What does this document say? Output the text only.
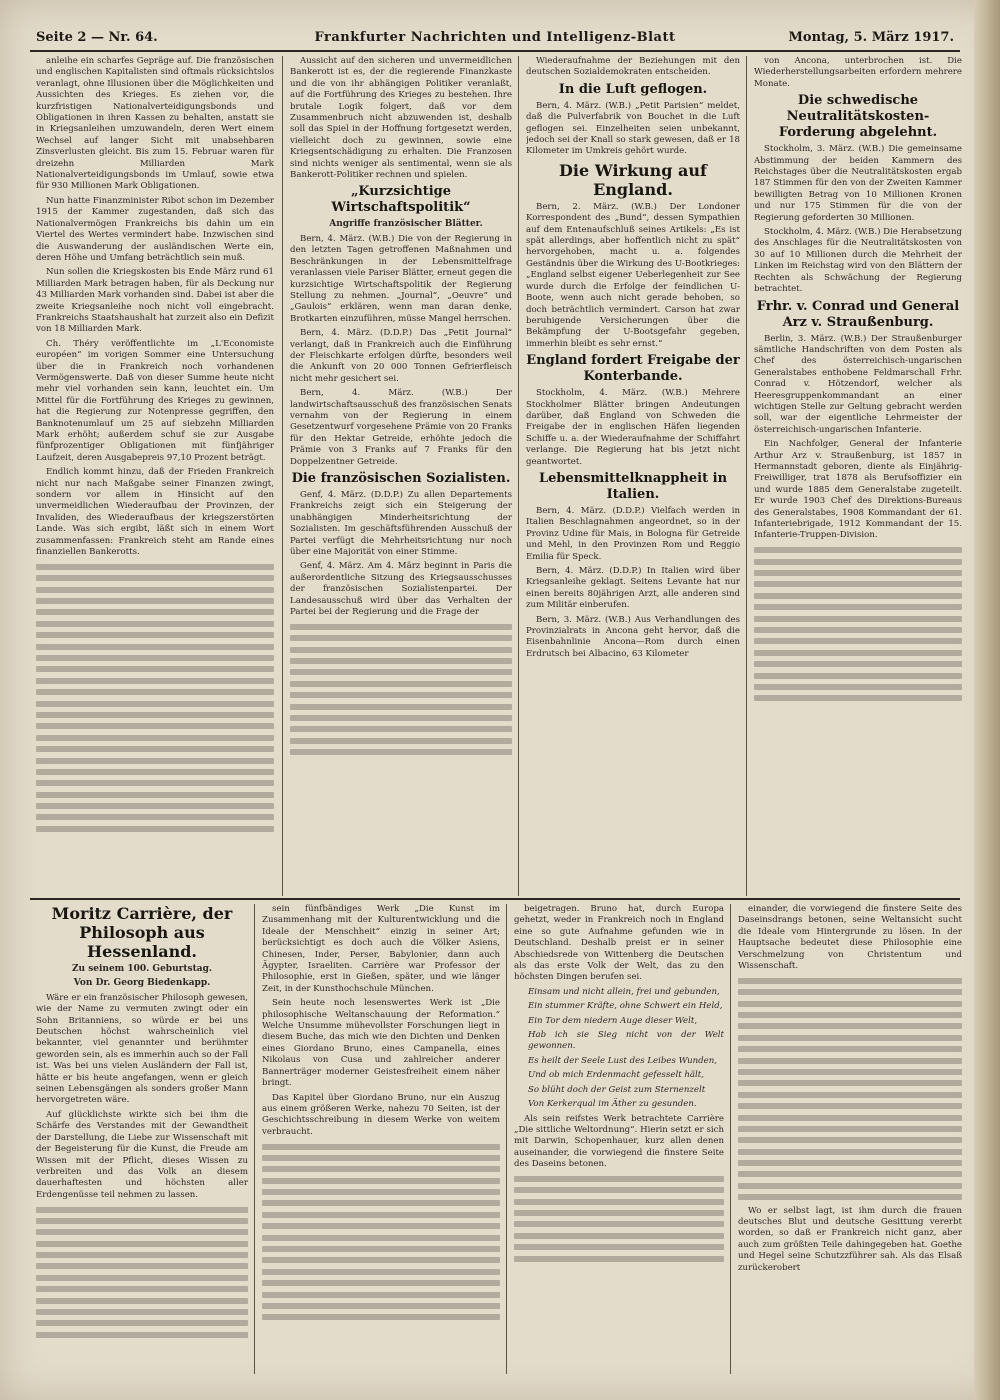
Seite 2 — Nr. 64.	Frankfurter Nachrichten und Intelligenz-Blatt	Montag, 5. März 1917.

anleihe ein scharfes Gepräge auf. Die französischen und englischen Kapitalisten sind oftmals rücksichtslos veranlagt, ohne Illusionen über die Möglichkeiten und Aussichten des Krieges. Es ziehen vor, die kurzfristigen Nationalverteidigungsbonds und Obligationen in ihren Kassen zu behalten, anstatt sie in Kriegsanleihen umzuwandeln, deren Wert einem Wechsel auf langer Sicht mit unabsehbaren Zinsverlusten gleicht. Bis zum 15. Februar waren für dreizehn Milliarden Mark Nationalverteidigungsbonds im Umlauf, sowie etwa für 930 Millionen Mark Obligationen.

Nun hatte Finanzminister Ribot schon im Dezember 1915 der Kammer zugestanden, daß sich das Nationalvermögen Frankreichs bis dahin um ein Viertel des Wertes vermindert habe. Inzwischen sind die Auswanderung der ausländischen Werte ein, deren Höhe und Umfang beträchtlich sein muß.

Nun sollen die Kriegskosten bis Ende März rund 61 Milliarden Mark betragen haben, für als Deckung nur 43 Milliarden Mark vorhanden sind. Dabei ist aber die zweite Kriegsanleihe noch nicht voll eingebracht. Frankreichs Staatshaushalt hat zurzeit also ein Defizit von 18 Milliarden Mark.

Ch. Théry veröffentlichte im „L'Economiste européen“ im vorigen Sommer eine Untersuchung über die in Frankreich noch vorhandenen Vermögenswerte. Daß von dieser Summe heute nicht mehr viel vorhanden sein kann, leuchtet ein. Um Mittel für die Fortführung des Krieges zu gewinnen, hat die Regierung zur Notenpresse gegriffen, den Banknotenumlauf um 25 auf siebzehn Milliarden Mark erhöht; außerdem schuf sie zur Ausgabe fünfprozentiger Obligationen mit fünfjähriger Laufzeit, deren Ausgabepreis 97,10 Prozent beträgt.

Endlich kommt hinzu, daß der Frieden Frankreich nicht nur nach Maßgabe seiner Finanzen zwingt, sondern vor allem in Hinsicht auf den unvermeidlichen Wiederaufbau der Provinzen, der Invaliden, des Wiederaufbaus der kriegszerstörten Lande. Was sich ergibt, läßt sich in einem Wort zusammenfassen: Frankreich steht am Rande eines finanziellen Bankerotts.

Aussicht auf den sicheren und unvermeidlichen Bankerott ist es, der die regierende Finanzkaste und die von ihr abhängigen Politiker veranlaßt, auf die Fortführung des Krieges zu bestehen. Ihre brutale Logik folgert, daß vor dem Zusammenbruch nicht abzuwenden ist, deshalb soll das Spiel in der Hoffnung fortgesetzt werden, vielleicht doch zu gewinnen, sowie eine Kriegsentschädigung zu erhalten. Die Franzosen sind nichts weniger als sentimental, wenn sie als Bankerott-Politiker rechnen und spielen.

„Kurzsichtige Wirtschaftspolitik“

Angriffe französischer Blätter.

Bern, 4. März. (W.B.) Die von der Regierung in den letzten Tagen getroffenen Maßnahmen und Beschränkungen in der Lebensmittelfrage veranlassen viele Pariser Blätter, erneut gegen die kurzsichtige Wirtschaftspolitik der Regierung Stellung zu nehmen. „Journal“, „Oeuvre“ und „Gaulois“ erklären, wenn man daran denke, Brotkarten einzuführen, müsse Mangel herrschen.

Bern, 4. März. (D.D.P.) Das „Petit Journal“ verlangt, daß in Frankreich auch die Einführung der Fleischkarte erfolgen dürfte, besonders weil die Ankunft von 20 000 Tonnen Gefrierfleisch nicht mehr gesichert sei.

Bern, 4. März. (W.B.) Der landwirtschaftsausschuß des französischen Senats vernahm von der Regierung in einem Gesetzentwurf vorgesehene Prämie von 20 Franks für den Hektar Getreide, erhöhte jedoch die Prämie von 3 Franks auf 7 Franks für den Doppelzentner Getreide.

Die französischen Sozialisten.

Genf, 4. März. (D.D.P.) Zu allen Departements Frankreichs zeigt sich ein Steigerung der unabhängigen Minderheitsrichtung der Sozialisten. Im geschäftsführenden Ausschuß der Partei verfügt die Mehrheitsrichtung nur noch über eine Majorität von einer Stimme.

Genf, 4. März. Am 4. März beginnt in Paris die außerordentliche Sitzung des Kriegsausschusses der französischen Sozialistenpartei. Der Landesausschuß wird über das Verhalten der Partei bei der Regierung und die Frage der

Wiederaufnahme der Beziehungen mit den deutschen Sozialdemokraten entscheiden.

In die Luft geflogen.

Bern, 4. März. (W.B.) „Petit Parisien“ meldet, daß die Pulverfabrik von Bouchet in die Luft geflogen sei. Einzelheiten seien unbekannt, jedoch sei der Knall so stark gewesen, daß er 18 Kilometer im Umkreis gehört wurde.

Die Wirkung auf England.

Bern, 2. März. (W.B.) Der Londoner Korrespondent des „Bund“, dessen Sympathien auf dem Entenaufschluß seines Artikels: „Es ist spät allerdings, aber hoffentlich nicht zu spät“ hervorgehoben, macht u. a. folgendes Geständnis über die Wirkung des U-Bootkrieges: „England selbst eigener Ueberlegenheit zur See wurde durch die Erfolge der feindlichen U-Boote, wenn auch nicht gerade behoben, so doch beträchtlich vermindert. Carson hat zwar beruhigende Versicherungen über die Bekämpfung der U-Bootsgefahr gegeben, immerhin bleibt es sehr ernst.“

England fordert Freigabe der Konterbande.

Stockholm, 4. März. (W.B.) Mehrere Stockholmer Blätter bringen Andeutungen darüber, daß England von Schweden die Freigabe der in englischen Häfen liegenden Schiffe u. a. der Wiederaufnahme der Schiffahrt verlange. Die Regierung hat bis jetzt nicht geantwortet.

Lebensmittelknappheit in Italien.

Bern, 4. März. (D.D.P.) Vielfach werden in Italien Beschlagnahmen angeordnet, so in der Provinz Udine für Mais, in Bologna für Getreide und Mehl, in den Provinzen Rom und Reggio Emilia für Speck.

Bern, 4. März. (D.D.P.) In Italien wird über Kriegsanleihe geklagt. Seitens Levante hat nur einen bereits 80jährigen Arzt, alle anderen sind zum Militär einberufen.

Bern, 3. März. (W.B.) Aus Verhandlungen des Provinzialrats in Ancona geht hervor, daß die Eisenbahnlinie Ancona—Rom durch einen Erdrutsch bei Albacino, 63 Kilometer

von Ancona, unterbrochen ist. Die Wiederherstellungsarbeiten erfordern mehrere Monate.

Die schwedische Neutralitätskosten-Forderung abgelehnt.

Stockholm, 3. März. (W.B.) Die gemeinsame Abstimmung der beiden Kammern des Reichstages über die Neutralitätskosten ergab 187 Stimmen für den von der Zweiten Kammer bewilligten Betrag von 10 Millionen Kronen und nur 175 Stimmen für die von der Regierung geforderten 30 Millionen.

Stockholm, 4. März. (W.B.) Die Herabsetzung des Anschlages für die Neutralitätskosten von 30 auf 10 Millionen durch die Mehrheit der Linken im Reichstag wird von den Blättern der Rechten als Schwächung der Regierung betrachtet.

Frhr. v. Conrad und General Arz v. Straußenburg.

Berlin, 3. März. (W.B.) Der Straußenburger sämtliche Handschriften von dem Posten als Chef des österreichisch-ungarischen Generalstabes enthobene Feldmarschall Frhr. Conrad v. Hötzendorf, welcher als Heeresgruppenkommandant an einer wichtigen Stelle zur Geltung gebracht werden soll, war der eigentliche Lehrmeister der österreichisch-ungarischen Infanterie.

Ein Nachfolger, General der Infanterie Arthur Arz v. Straußenburg, ist 1857 in Hermannstadt geboren, diente als Einjährig-Freiwilliger, trat 1878 als Berufsoffizier ein und wurde 1885 dem Generalstabe zugeteilt. Er wurde 1903 Chef des Direktions-Bureaus des Generalstabes, 1908 Kommandant der 61. Infanteriebrigade, 1912 Kommandant der 15. Infanterie-Truppen-Division.

Moritz Carrière, der Philosoph aus Hessenland.

Zu seinem 100. Geburtstag.

Von Dr. Georg Biedenkapp.

Wäre er ein französischer Philosoph gewesen, wie der Name zu vermuten zwingt oder ein Sohn Britanniens, so würde er bei uns Deutschen höchst wahrscheinlich viel bekannter, viel genannter und berühmter geworden sein, als es immerhin auch so der Fall ist. Was bei uns vielen Ausländern der Fall ist, hätte er bis heute angefangen, wenn er gleich seinen Lebensgängen als sonders großer Mann hervorgetreten wäre.

Auf glücklichste wirkte sich bei ihm die Schärfe des Verstandes mit der Gewandtheit der Darstellung, die Liebe zur Wissenschaft mit der Begeisterung für die Kunst, die Freude am Wissen mit der Pflicht, dieses Wissen zu verbreiten und das Volk an diesem dauerhaftesten und höchsten aller Erdengenüsse teil nehmen zu lassen.

sein fünfbändiges Werk „Die Kunst im Zusammenhang mit der Kulturentwicklung und die Ideale der Menschheit“ einzig in seiner Art; berücksichtigt es doch auch die Völker Asiens, Chinesen, Inder, Perser, Babylonier, dann auch Ägypter, Israeliten. Carrière war Professor der Philosophie, erst in Gießen, später, und wie länger Zeit, in der Kunsthochschule München.

Sein heute noch lesenswertes Werk ist „Die philosophische Weltanschauung der Reformation.“ Welche Unsumme mühevollster Forschungen liegt in diesem Buche, das mich wie den Dichten und Denken eines Giordano Bruno, eines Campanella, eines Nikolaus von Cusa und zahlreicher anderer Bannerträger moderner Geistesfreiheit einem näher bringt.

Das Kapitel über Giordano Bruno, nur ein Auszug aus einem größeren Werke, nahezu 70 Seiten, ist der Geschichtsschreibung in diesem Werke von weitem verbraucht.

beigetragen. Bruno hat, durch Europa gehetzt, weder in Frankreich noch in England eine so gute Aufnahme gefunden wie in Deutschland. Deshalb preist er in seiner Abschiedsrede von Wittenberg die Deutschen als das erste Volk der Welt, das zu den höchsten Dingen berufen sei.

Einsam und nicht allein, frei und gebunden,

Ein stummer Kräfte, ohne Schwert ein Held,

Ein Tor dem niedern Auge dieser Welt,

Hab ich sie Sieg nicht von der Welt gewonnen.

Es heilt der Seele Lust des Leibes Wunden,

Und ob mich Erdenmacht gefesselt hält,

So blüht doch der Geist zum Sternenzelt

Von Kerkerqual im Äther zu gesunden.

Als sein reifstes Werk betrachtete Carrière „Die sittliche Weltordnung“. Hierin setzt er sich mit Darwin, Schopenhauer, kurz allen denen auseinander, die vorwiegend die finstere Seite des Daseins betonen.

einander, die vorwiegend die finstere Seite des Daseinsdrangs betonen, seine Weltansicht sucht die Ideale vom Hintergrunde zu lösen. In der Hauptsache bedeutet diese Philosophie eine Verschmelzung von Christentum und Wissenschaft.

Wo er selbst lagt, ist ihm durch die frauen deutsches Blut und deutsche Gesittung vererbt worden, so daß er Frankreich nicht ganz, aber auch zum größten Teile dahingegeben hat. Goethe und Hegel seine Schutzzführer sah. Als das Elsaß zurückerobert
